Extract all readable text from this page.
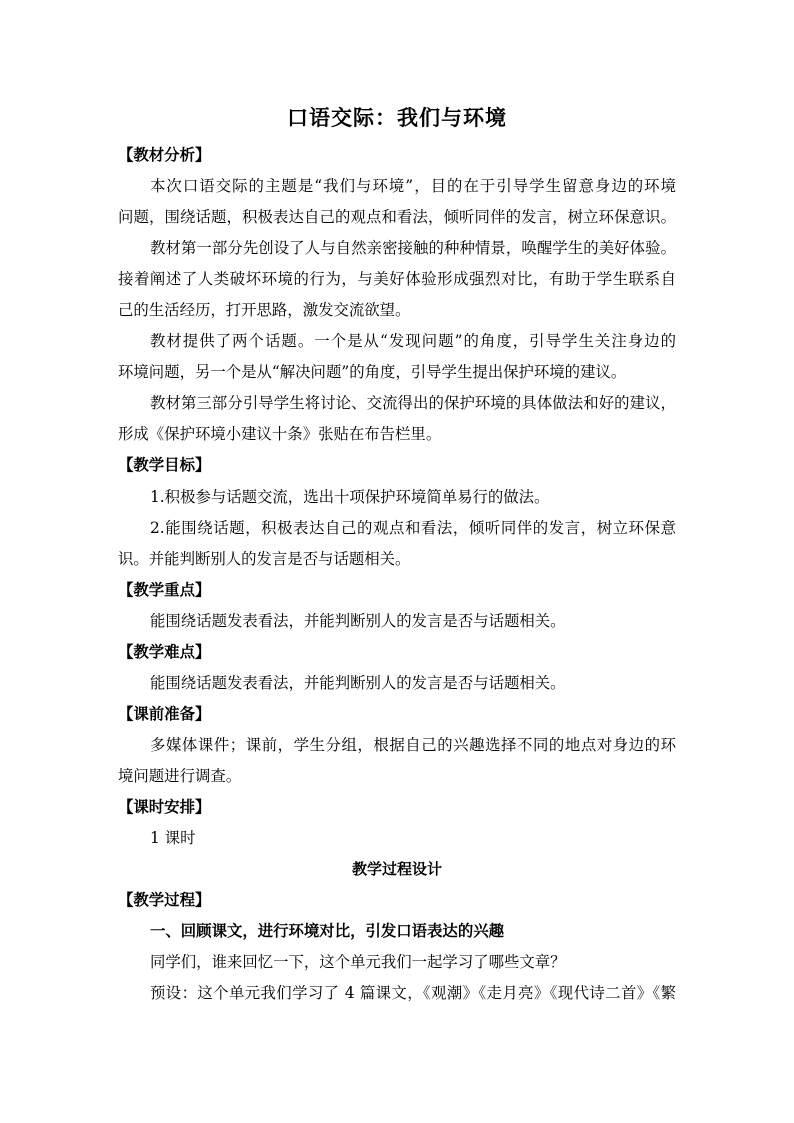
口语交际：我们与环境
【教材分析】
本次口语交际的主题是“我们与环境”，目的在于引导学生留意身边的环境
问题，围绕话题，积极表达自己的观点和看法，倾听同伴的发言，树立环保意识。
教材第一部分先创设了人与自然亲密接触的种种情景，唤醒学生的美好体验。
接着阐述了人类破坏环境的行为，与美好体验形成强烈对比，有助于学生联系自
己的生活经历，打开思路，激发交流欲望。
教材提供了两个话题。一个是从“发现问题”的角度，引导学生关注身边的
环境问题，另一个是从“解决问题”的角度，引导学生提出保护环境的建议。
教材第三部分引导学生将讨论、交流得出的保护环境的具体做法和好的建议，
形成《保护环境小建议十条》张贴在布告栏里。
【教学目标】
1.积极参与话题交流，选出十项保护环境简单易行的做法。
2.能围绕话题，积极表达自己的观点和看法，倾听同伴的发言，树立环保意
识。并能判断别人的发言是否与话题相关。
【教学重点】
能围绕话题发表看法，并能判断别人的发言是否与话题相关。
【教学难点】
能围绕话题发表看法，并能判断别人的发言是否与话题相关。
【课前准备】
多媒体课件；课前，学生分组，根据自己的兴趣选择不同的地点对身边的环
境问题进行调查。
【课时安排】
1 课时
教学过程设计
【教学过程】
一、回顾课文，进行环境对比，引发口语表达的兴趣
同学们，谁来回忆一下，这个单元我们一起学习了哪些文章？
预设：这个单元我们学习了 4 篇课文，《观潮》《走月亮》《现代诗二首》《繁
